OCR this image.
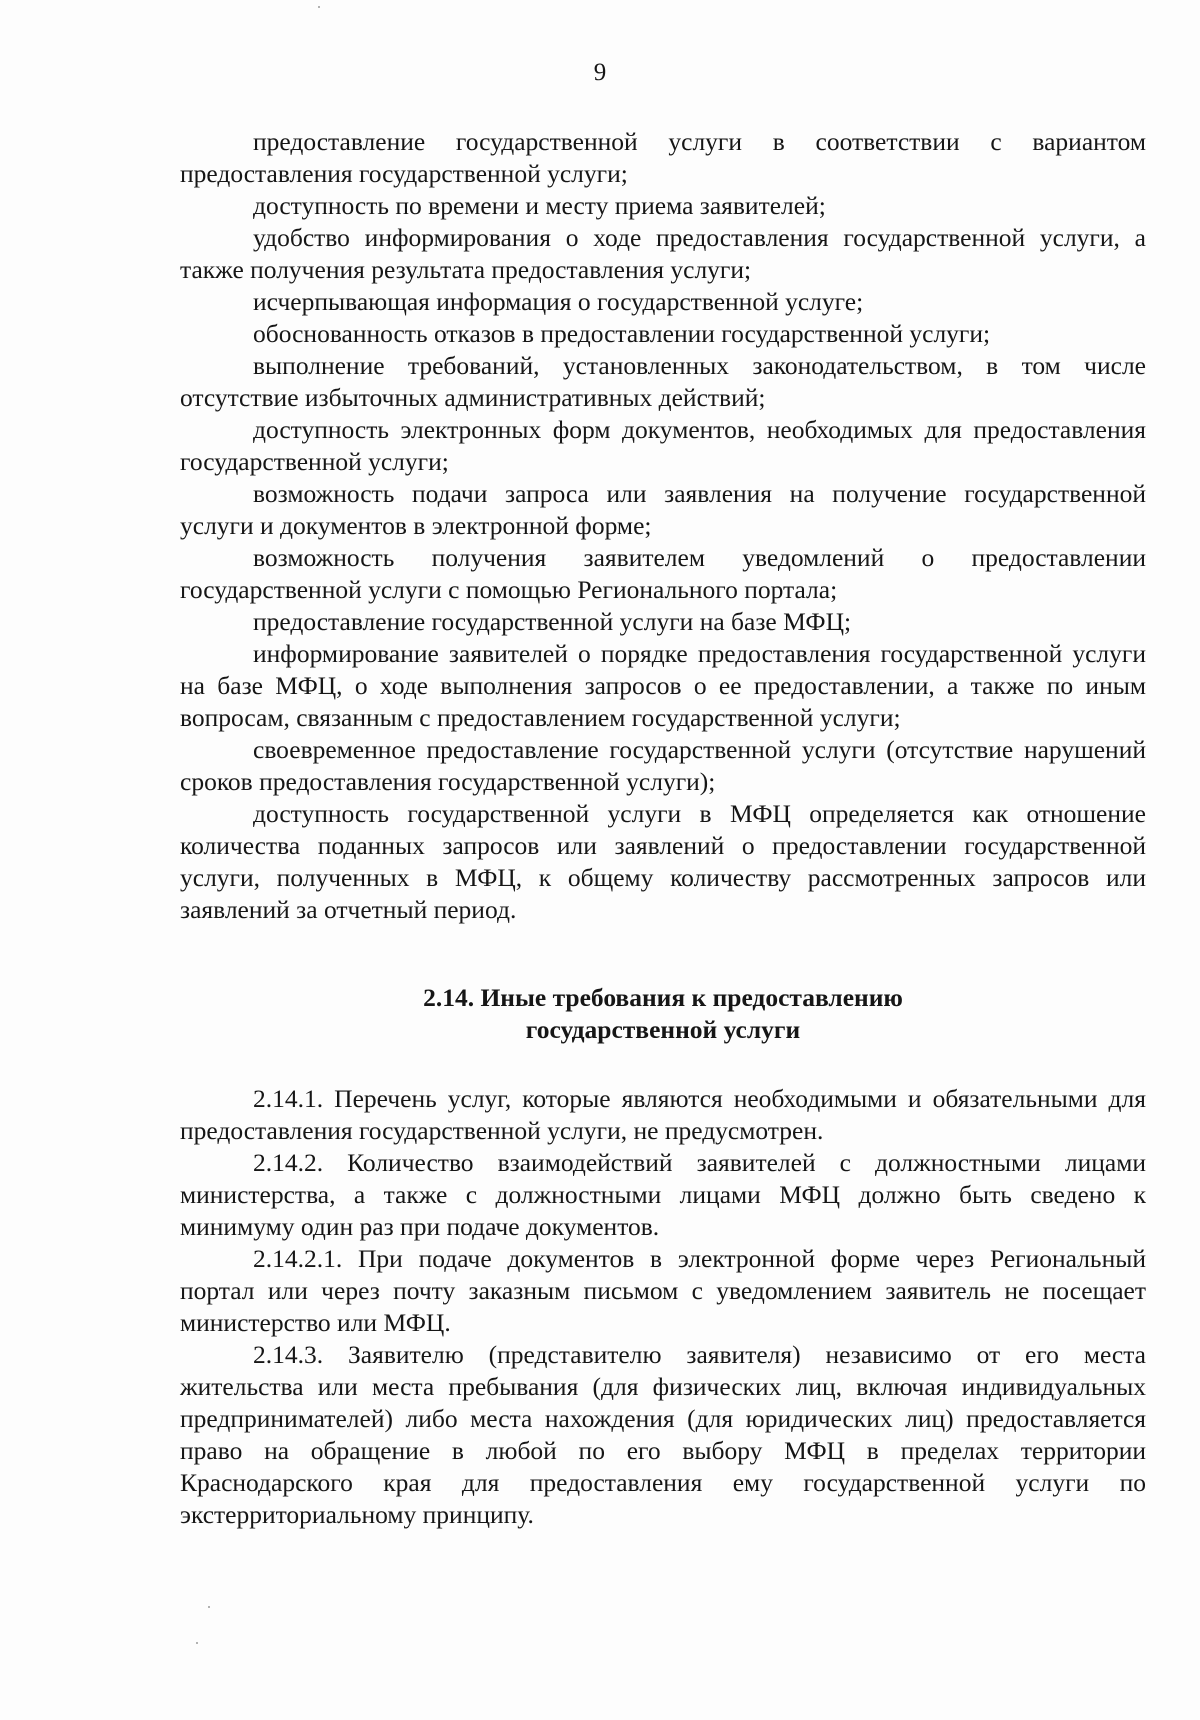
9

предоставление государственной услуги в соответствии с вариантом предоставления государственной услуги;

доступность по времени и месту приема заявителей;

удобство информирования о ходе предоставления государственной услуги, а также получения результата предоставления услуги;

исчерпывающая информация о государственной услуге;

обоснованность отказов в предоставлении государственной услуги;

выполнение требований, установленных законодательством, в том числе отсутствие избыточных административных действий;

доступность электронных форм документов, необходимых для предоставления государственной услуги;

возможность подачи запроса или заявления на получение государственной услуги и документов в электронной форме;

возможность получения заявителем уведомлений о предоставлении государственной услуги с помощью Регионального портала;

предоставление государственной услуги на базе МФЦ;

информирование заявителей о порядке предоставления государственной услуги на базе МФЦ, о ходе выполнения запросов о ее предоставлении, а также по иным вопросам, связанным с предоставлением государственной услуги;

своевременное предоставление государственной услуги (отсутствие нарушений сроков предоставления государственной услуги);

доступность государственной услуги в МФЦ определяется как отношение количества поданных запросов или заявлений о предоставлении государственной услуги, полученных в МФЦ, к общему количеству рассмотренных запросов или заявлений за отчетный период.

2.14. Иные требования к предоставлению
государственной услуги

2.14.1. Перечень услуг, которые являются необходимыми и обязательными для предоставления государственной услуги, не предусмотрен.

2.14.2. Количество взаимодействий заявителей с должностными лицами министерства, а также с должностными лицами МФЦ должно быть сведено к минимуму один раз при подаче документов.

2.14.2.1. При подаче документов в электронной форме через Региональный портал или через почту заказным письмом с уведомлением заявитель не посещает министерство или МФЦ.

2.14.3. Заявителю (представителю заявителя) независимо от его места жительства или места пребывания (для физических лиц, включая индивидуальных предпринимателей) либо места нахождения (для юридических лиц) предоставляется право на обращение в любой по его выбору МФЦ в пределах территории Краснодарского края для предоставления ему государственной услуги по экстерриториальному принципу.
